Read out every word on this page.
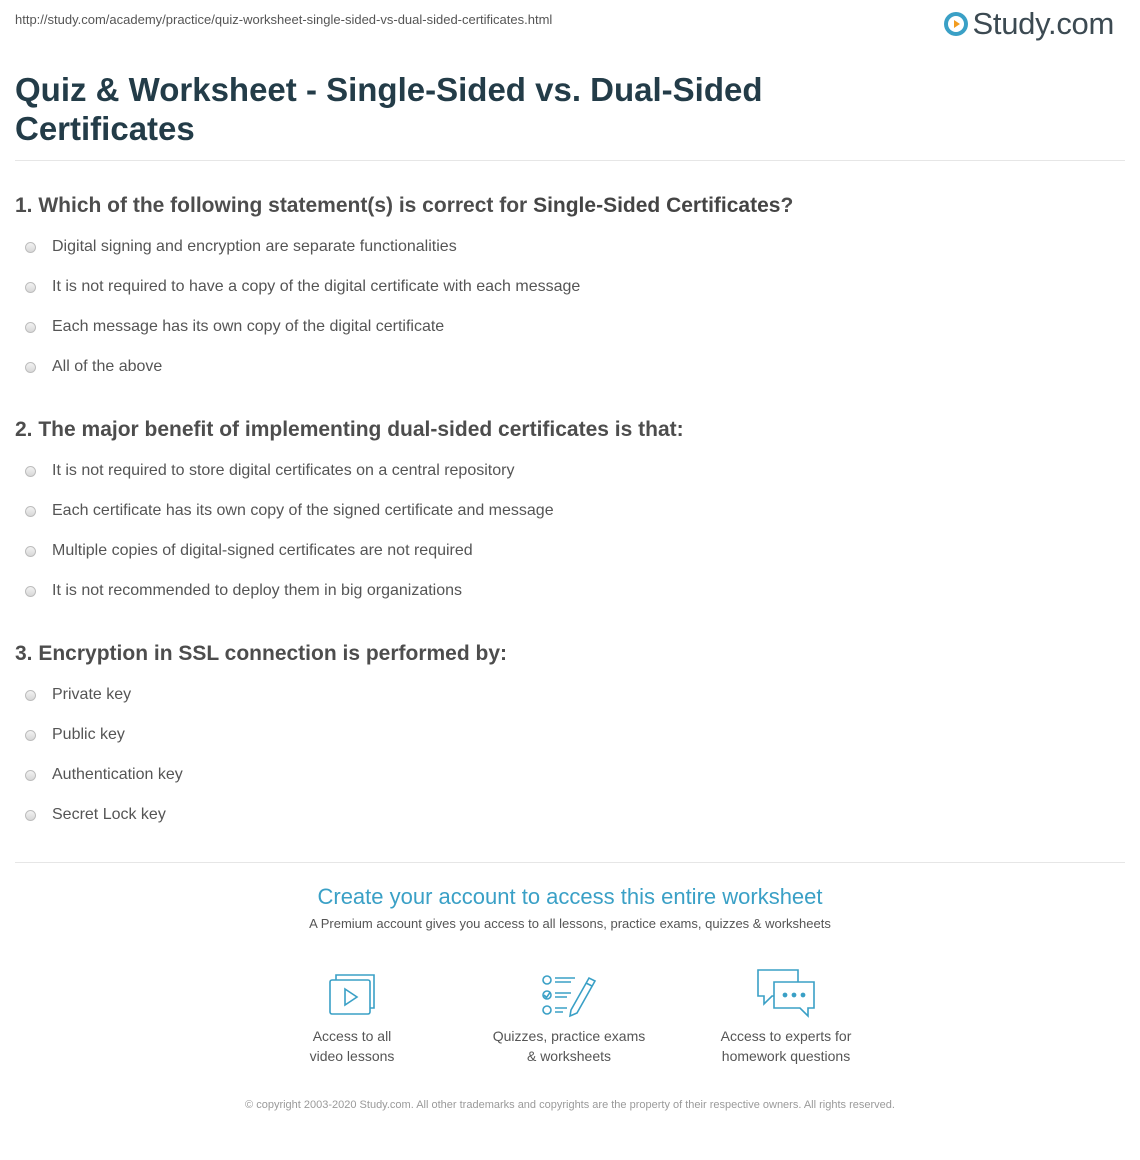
http://study.com/academy/practice/quiz-worksheet-single-sided-vs-dual-sided-certificates.html	Study.com
Quiz & Worksheet - Single-Sided vs. Dual-Sided Certificates

1. Which of the following statement(s) is correct for Single-Sided Certificates?

Digital signing and encryption are separate functionalities
It is not required to have a copy of the digital certificate with each message
Each message has its own copy of the digital certificate
All of the above

2. The major benefit of implementing dual-sided certificates is that:

It is not required to store digital certificates on a central repository
Each certificate has its own copy of the signed certificate and message
Multiple copies of digital-signed certificates are not required
It is not recommended to deploy them in big organizations

3. Encryption in SSL connection is performed by:

Private key
Public key
Authentication key
Secret Lock key
Create your account to access this entire worksheet
A Premium account gives you access to all lessons, practice exams, quizzes & worksheets
Access to all
video lessons
Quizzes, practice exams
& worksheets
Access to experts for
homework questions
© copyright 2003-2020 Study.com. All other trademarks and copyrights are the property of their respective owners. All rights reserved.
